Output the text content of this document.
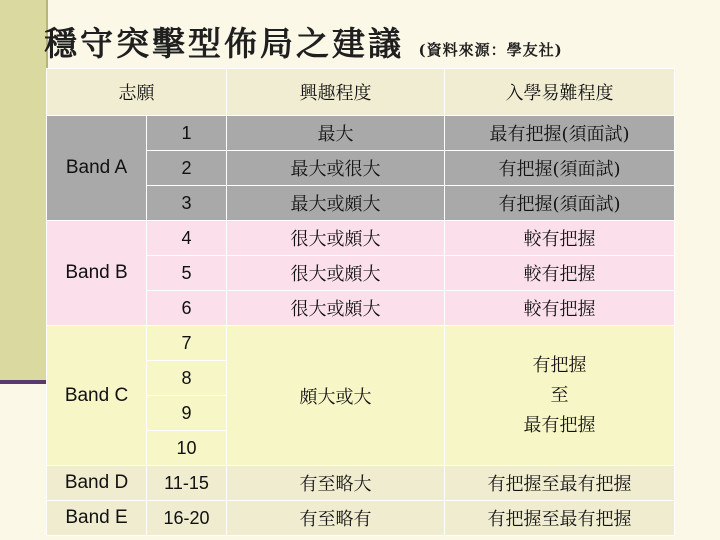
穩守突擊型佈局之建議 (資料來源：學友社)
志願		興趣程度	入學易難程度
Band A	1	最大	最有把握(須面試)
	2	最大或很大	有把握(須面試)
	3	最大或頗大	有把握(須面試)
Band B	4	很大或頗大	較有把握
	5	很大或頗大	較有把握
	6	很大或頗大	較有把握
Band C	7	頗大或大	有把握
至
最有把握

	8		
	9		
	10		
Band D	11-15	有至略大	有把握至最有把握
Band E	16-20	有至略有	有把握至最有把握
